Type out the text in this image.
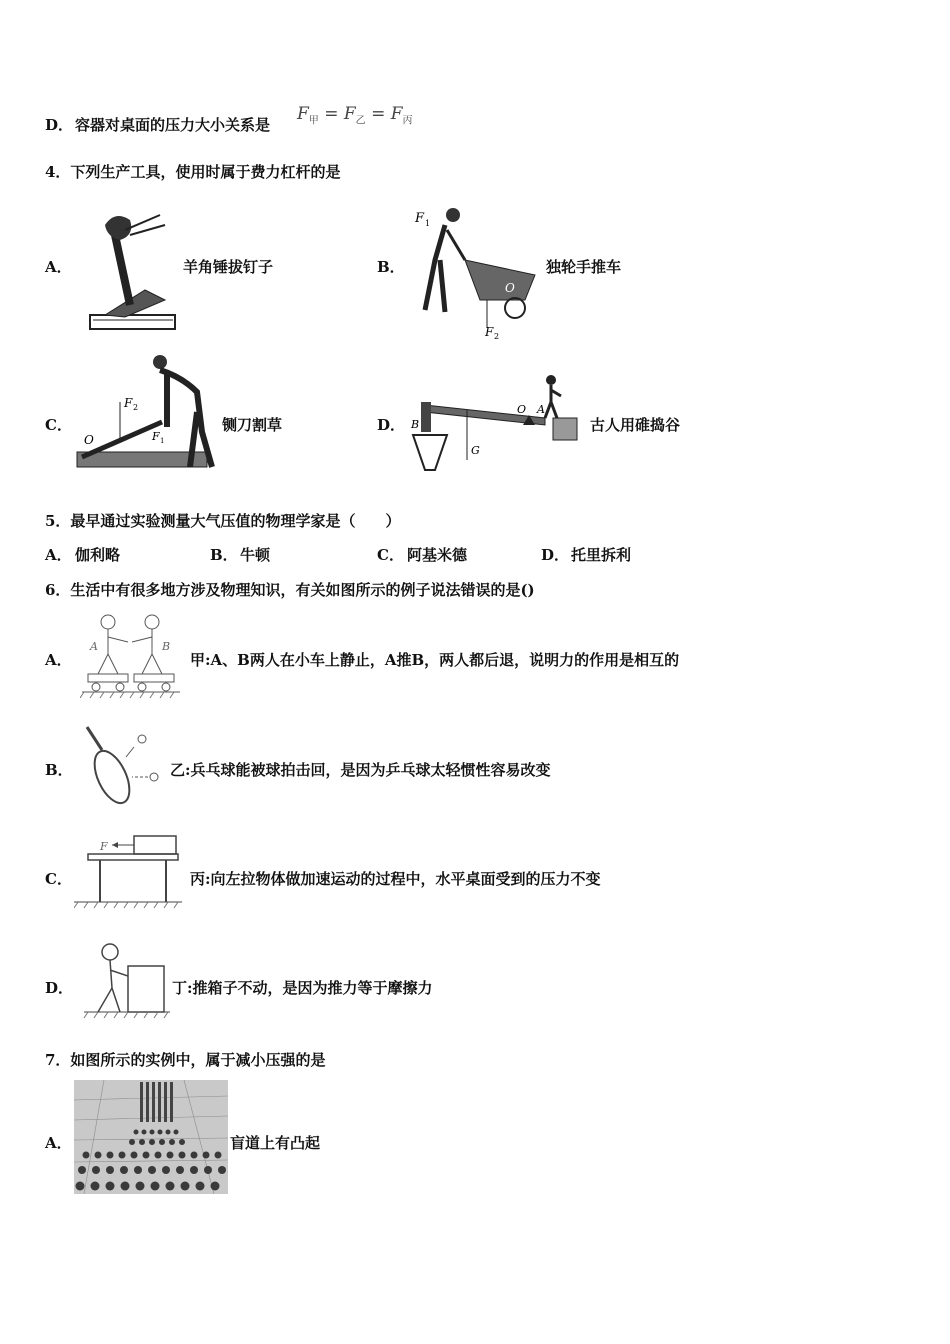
D． 容器对桌面的压力大小关系是
$F_甲 = F_乙 = F_丙$
4．下列生产工具，使用时属于费力杠杆的是
A．	羊角锤拔钉子	B．
F 1
O
F 2
独轮手推车
C．
O
F 2
F 1
铡刀割草	D． B
G
O A
古人用碓捣谷
5．最早通过实验测量大气压值的物理学家是（　　）
A． 伽利略	B． 牛顿	C． 阿基米德	D． 托里拆利
6．生活中有很多地方涉及物理知识，有关如图所示的例子说法错误的是()
A．
A	B
甲:A、B两人在小车上静止，A推B，两人都后退，说明力的作用是相互的
B．	乙:兵乓球能被球拍击回，是因为乒乓球太轻惯性容易改变
C．
F
丙:向左拉物体做加速运动的过程中，水平桌面受到的压力不变
D．	丁:推箱子不动，是因为推力等于摩擦力
7．如图所示的实例中，属于减小压强的是
A．	盲道上有凸起
